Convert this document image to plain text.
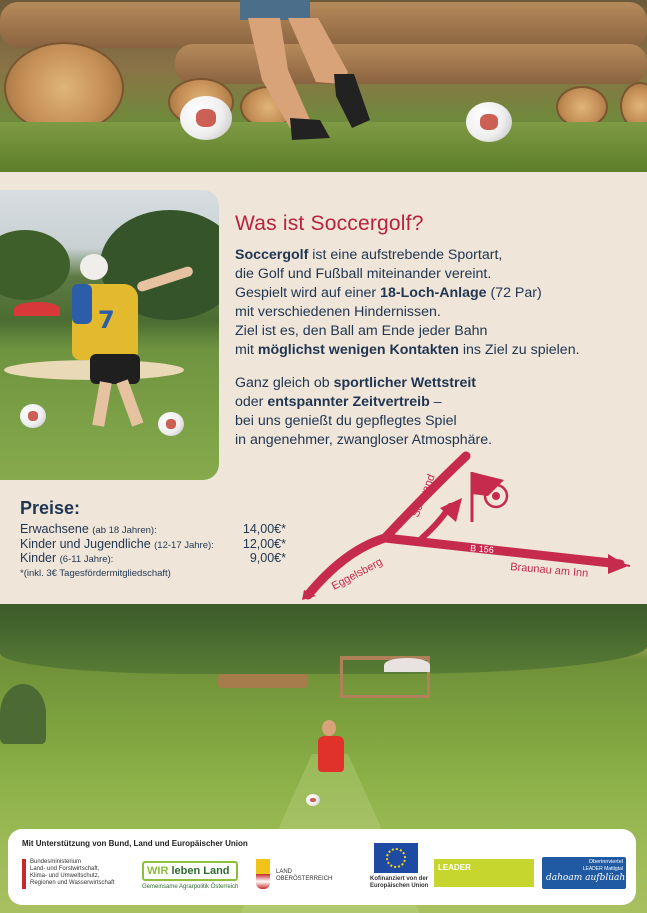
7
Was ist Soccergolf?
Soccergolf ist eine aufstrebende Sportart,
die Golf und Fußball miteinander vereint.
Gespielt wird auf einer 18-Loch-Anlage (72 Par)
mit verschiedenen Hindernissen.
Ziel ist es, den Ball am Ende jeder Bahn
mit möglichst wenigen Kontakten ins Ziel zu spielen.
Ganz gleich ob sportlicher Wettstreit
oder entspannter Zeitvertreib –
bei uns genießt du gepflegtes Spiel
in angenehmer, zwangloser Atmosphäre.
Preise:
Erwachsene (ab 18 Jahren):	14,00€*
Kinder und Jugendliche (12-17 Jahre): 12,00€*
Kinder (6-11 Jahre):	9,00€*
*(inkl. 3€ Tagesfördermitgliedschaft)
Schwand
Eggelsberg
B 156
Braunau am Inn
Mit Unterstützung von Bund, Land und Europäischer Union
Bundesministerium
Land- und Forstwirtschaft,
Klima- und Umweltschutz,
Regionen und Wasserwirtschaft
WIR leben Land
Gemeinsame Agrarpolitik Österreich
LAND
OBERÖSTERREICH	Kofinanziert von der
Europäischen Union
LEADER
Oberinnviertel
LEADER Mattigtal
dahoam aufblüah
